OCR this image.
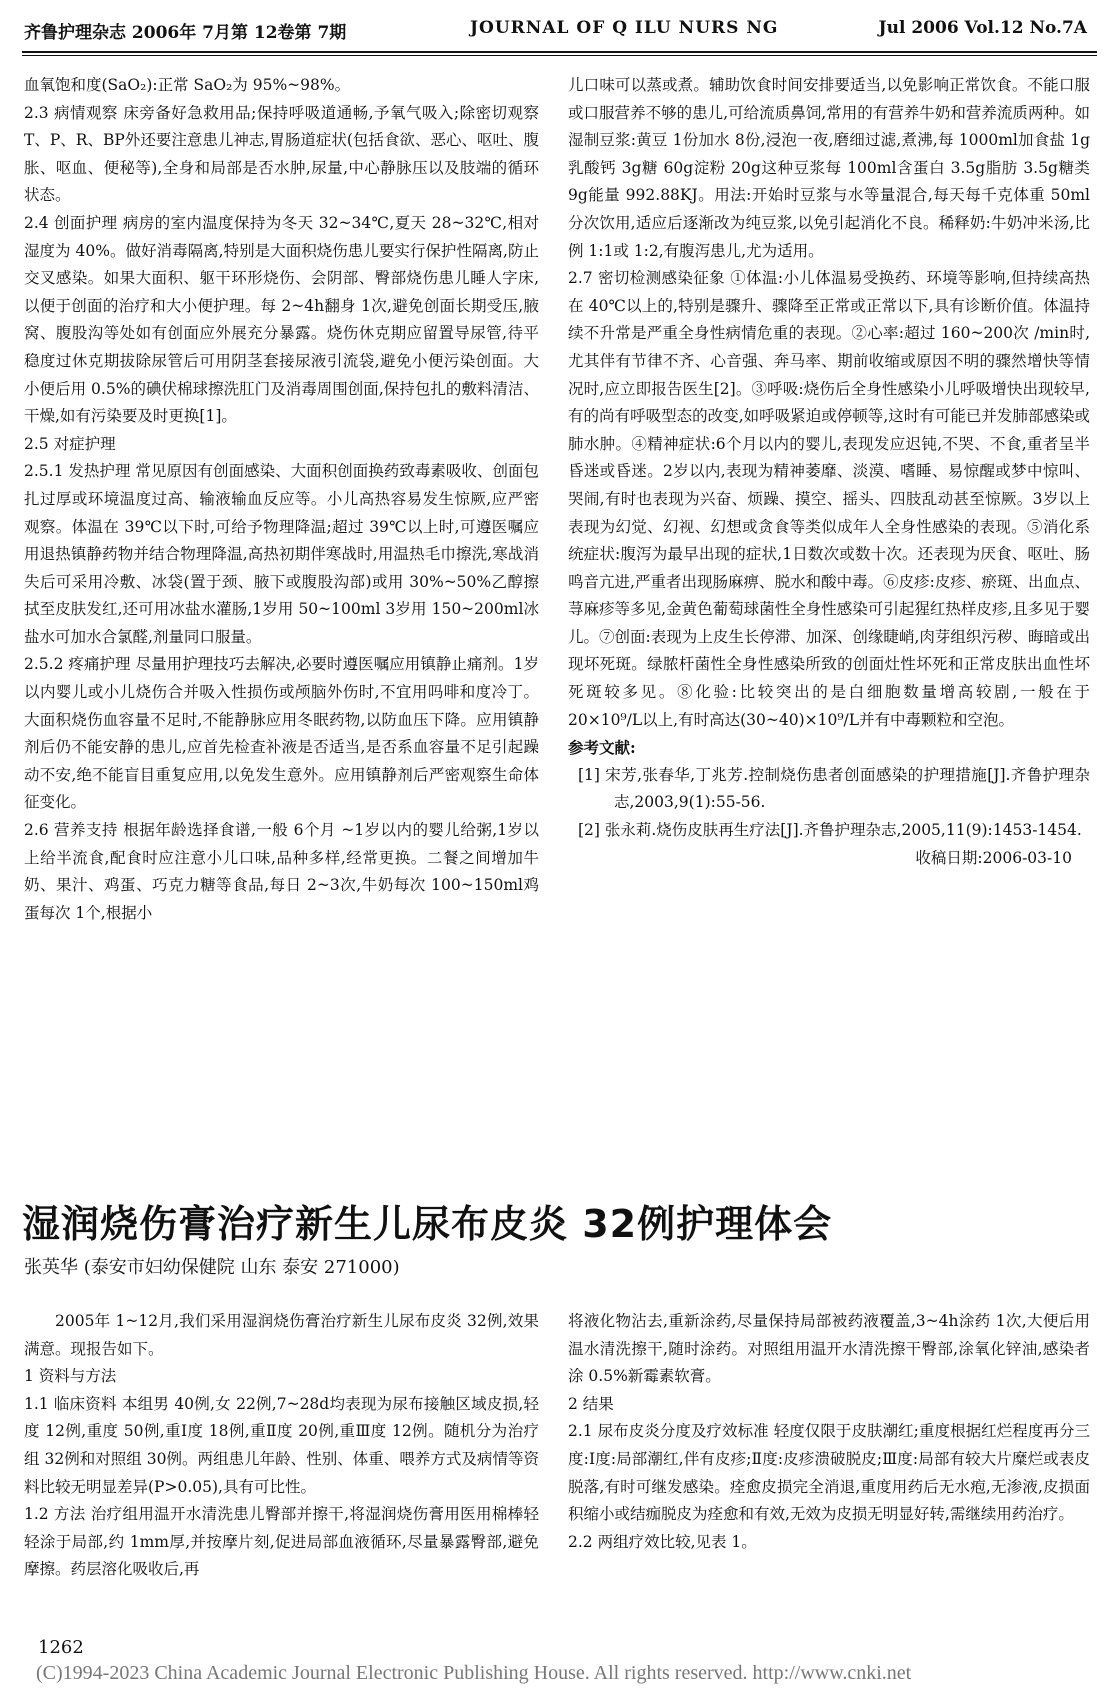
齐鲁护理杂志 2006年 7月第 12卷第 7期	JOURNAL OF Q ILU NURS NG	Jul 2006 Vol.12 No.7A

血氧饱和度(SaO₂):正常 SaO₂为 95%~98%。

2.3 病情观察 床旁备好急救用品;保持呼吸道通畅,予氧气吸入;除密切观察 T、P、R、BP外还要注意患儿神志,胃肠道症状(包括食欲、恶心、呕吐、腹胀、呕血、便秘等),全身和局部是否水肿,尿量,中心静脉压以及肢端的循环状态。

2.4 创面护理 病房的室内温度保持为冬天 32~34℃,夏天 28~32℃,相对湿度为 40%。做好消毒隔离,特别是大面积烧伤患儿要实行保护性隔离,防止交叉感染。如果大面积、躯干环形烧伤、会阴部、臀部烧伤患儿睡人字床,以便于创面的治疗和大小便护理。每 2~4h翻身 1次,避免创面长期受压,腋窝、腹股沟等处如有创面应外展充分暴露。烧伤休克期应留置导尿管,待平稳度过休克期拔除尿管后可用阴茎套接尿液引流袋,避免小便污染创面。大小便后用 0.5%的碘伏棉球擦洗肛门及消毒周围创面,保持包扎的敷料清洁、干燥,如有污染要及时更换[1]。

2.5 对症护理

2.5.1 发热护理 常见原因有创面感染、大面积创面换药致毒素吸收、创面包扎过厚或环境温度过高、输液输血反应等。小儿高热容易发生惊厥,应严密观察。体温在 39℃以下时,可给予物理降温;超过 39℃以上时,可遵医嘱应用退热镇静药物并结合物理降温,高热初期伴寒战时,用温热毛巾擦洗,寒战消失后可采用冷敷、冰袋(置于颈、腋下或腹股沟部)或用 30%~50%乙醇擦拭至皮肤发红,还可用冰盐水灌肠,1岁用 50~100ml 3岁用 150~200ml冰盐水可加水合氯醛,剂量同口服量。

2.5.2 疼痛护理 尽量用护理技巧去解决,必要时遵医嘱应用镇静止痛剂。1岁以内婴儿或小儿烧伤合并吸入性损伤或颅脑外伤时,不宜用吗啡和度冷丁。大面积烧伤血容量不足时,不能静脉应用冬眠药物,以防血压下降。应用镇静剂后仍不能安静的患儿,应首先检查补液是否适当,是否系血容量不足引起躁动不安,绝不能盲目重复应用,以免发生意外。应用镇静剂后严密观察生命体征变化。

2.6 营养支持 根据年龄选择食谱,一般 6个月 ~1岁以内的婴儿给粥,1岁以上给半流食,配食时应注意小儿口味,品种多样,经常更换。二餐之间增加牛奶、果汁、鸡蛋、巧克力糖等食品,每日 2~3次,牛奶每次 100~150ml鸡蛋每次 1个,根据小

儿口味可以蒸或煮。辅助饮食时间安排要适当,以免影响正常饮食。不能口服或口服营养不够的患儿,可给流质鼻饲,常用的有营养牛奶和营养流质两种。如湿制豆浆:黄豆 1份加水 8份,浸泡一夜,磨细过滤,煮沸,每 1000ml加食盐 1g乳酸钙 3g糖 60g淀粉 20g这种豆浆每 100ml含蛋白 3.5g脂肪 3.5g糖类 9g能量 992.88KJ。用法:开始时豆浆与水等量混合,每天每千克体重 50ml分次饮用,适应后逐渐改为纯豆浆,以免引起消化不良。稀释奶:牛奶冲米汤,比例 1:1或 1:2,有腹泻患儿,尤为适用。

2.7 密切检测感染征象 ①体温:小儿体温易受换药、环境等影响,但持续高热在 40℃以上的,特别是骤升、骤降至正常或正常以下,具有诊断价值。体温持续不升常是严重全身性病情危重的表现。②心率:超过 160~200次 /min时,尤其伴有节律不齐、心音强、奔马率、期前收缩或原因不明的骤然增快等情况时,应立即报告医生[2]。③呼吸:烧伤后全身性感染小儿呼吸增快出现较早,有的尚有呼吸型态的改变,如呼吸紧迫或停顿等,这时有可能已并发肺部感染或肺水肿。④精神症状:6个月以内的婴儿,表现发应迟钝,不哭、不食,重者呈半昏迷或昏迷。2岁以内,表现为精神萎靡、淡漠、嗜睡、易惊醒或梦中惊叫、哭闹,有时也表现为兴奋、烦躁、摸空、摇头、四肢乱动甚至惊厥。3岁以上表现为幻觉、幻视、幻想或贪食等类似成年人全身性感染的表现。⑤消化系统症状:腹泻为最早出现的症状,1日数次或数十次。还表现为厌食、呕吐、肠鸣音亢进,严重者出现肠麻痹、脱水和酸中毒。⑥皮疹:皮疹、瘀斑、出血点、荨麻疹等多见,金黄色葡萄球菌性全身性感染可引起猩红热样皮疹,且多见于婴儿。⑦创面:表现为上皮生长停滞、加深、创缘睫峭,肉芽组织污秽、晦暗或出现坏死斑。绿脓杆菌性全身性感染所致的创面灶性坏死和正常皮肤出血性坏死斑较多见。⑧化验:比较突出的是白细胞数量增高较剧,一般在于 20×10⁹/L以上,有时高达(30~40)×10⁹/L并有中毒颗粒和空泡。

参考文献:

[1] 宋芳,张春华,丁兆芳.控制烧伤患者创面感染的护理措施[J].齐鲁护理杂志,2003,9(1):55-56.

[2] 张永莉.烧伤皮肤再生疗法[J].齐鲁护理杂志,2005,11(9):1453-1454.

收稿日期:2006-03-10

湿润烧伤膏治疗新生儿尿布皮炎 32例护理体会
张英华 (泰安市妇幼保健院 山东 泰安 271000)

2005年 1~12月,我们采用湿润烧伤膏治疗新生儿尿布皮炎 32例,效果满意。现报告如下。

1 资料与方法

1.1 临床资料 本组男 40例,女 22例,7~28d均表现为尿布接触区域皮损,轻度 12例,重度 50例,重Ⅰ度 18例,重Ⅱ度 20例,重Ⅲ度 12例。随机分为治疗组 32例和对照组 30例。两组患儿年龄、性别、体重、喂养方式及病情等资料比较无明显差异(P>0.05),具有可比性。

1.2 方法 治疗组用温开水清洗患儿臀部并擦干,将湿润烧伤膏用医用棉棒轻轻涂于局部,约 1mm厚,并按摩片刻,促进局部血液循环,尽量暴露臀部,避免摩擦。药层溶化吸收后,再

将液化物沾去,重新涂药,尽量保持局部被药液覆盖,3~4h涂药 1次,大便后用温水清洗擦干,随时涂药。对照组用温开水清洗擦干臀部,涂氧化锌油,感染者涂 0.5%新霉素软膏。

2 结果

2.1 尿布皮炎分度及疗效标准 轻度仅限于皮肤潮红;重度根据红烂程度再分三度:Ⅰ度:局部潮红,伴有皮疹;Ⅱ度:皮疹溃破脱皮;Ⅲ度:局部有较大片糜烂或表皮脱落,有时可继发感染。痊愈皮损完全消退,重度用药后无水疱,无渗液,皮损面积缩小或结痂脱皮为痊愈和有效,无效为皮损无明显好转,需继续用药治疗。

2.2 两组疗效比较,见表 1。

1262
(C)1994-2023 China Academic Journal Electronic Publishing House. All rights reserved. http://www.cnki.net
